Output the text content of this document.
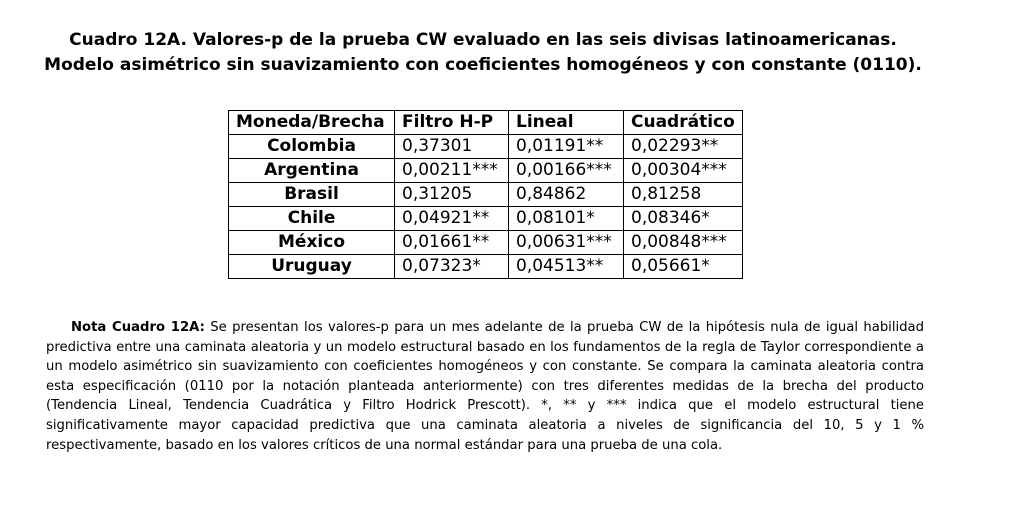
Cuadro 12A. Valores-p de la prueba CW evaluado en las seis divisas latinoamericanas.
Modelo asimétrico sin suavizamiento con coeficientes homogéneos y con constante (0110).
Moneda/Brecha	Filtro H-P	Lineal	Cuadrático
Colombia	0,37301	0,01191**	0,02293**
Argentina	0,00211***	0,00166***	0,00304***
Brasil	0,31205	0,84862	0,81258
Chile	0,04921**	0,08101*	0,08346*
México	0,01661**	0,00631***	0,00848***
Uruguay	0,07323*	0,04513**	0,05661*
Nota Cuadro 12A: Se presentan los valores-p para un mes adelante de la prueba CW de la hipótesis nula de igual habilidad predictiva entre una caminata aleatoria y un modelo estructural basado en los fundamentos de la regla de Taylor correspondiente a un modelo asimétrico sin suavizamiento con coeficientes homogéneos y con constante. Se compara la caminata aleatoria contra esta especificación (0110 por la notación planteada anteriormente) con tres diferentes medidas de la brecha del producto (Tendencia Lineal, Tendencia Cuadrática y Filtro Hodrick Prescott). *, ** y *** indica que el modelo estructural tiene significativamente mayor capacidad predictiva que una caminata aleatoria a niveles de significancia del 10, 5 y 1 % respectivamente, basado en los valores críticos de una normal estándar para una prueba de una cola.
